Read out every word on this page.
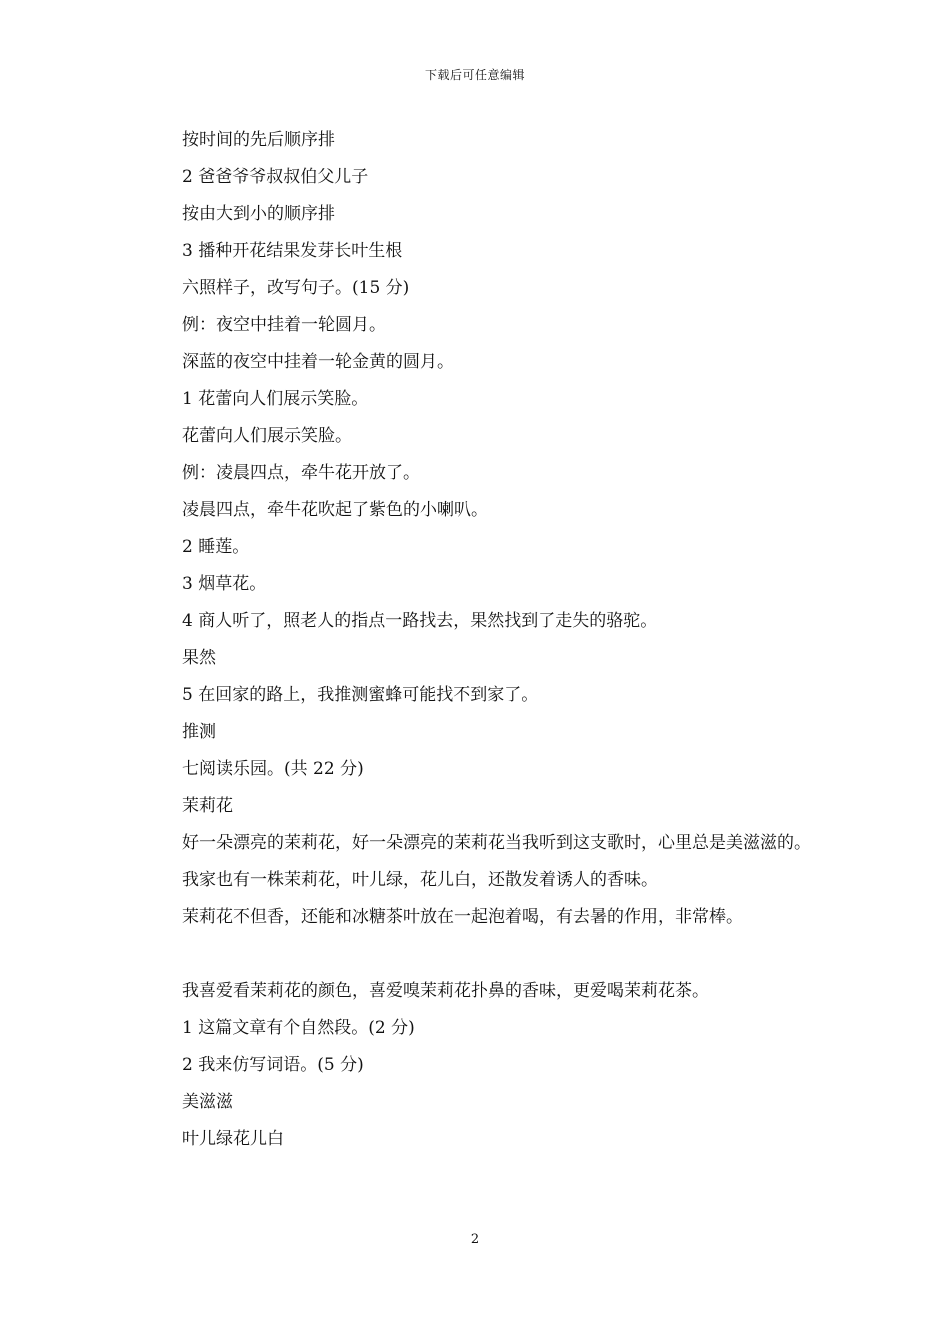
下载后可任意编辑
按时间的先后顺序排
2 爸爸爷爷叔叔伯父儿子
按由大到小的顺序排
3 播种开花结果发芽长叶生根
六照样子，改写句子。(15 分)
例：夜空中挂着一轮圆月。
深蓝的夜空中挂着一轮金黄的圆月。
1 花蕾向人们展示笑脸。
花蕾向人们展示笑脸。
例：凌晨四点，牵牛花开放了。
凌晨四点，牵牛花吹起了紫色的小喇叭。
2 睡莲。
3 烟草花。
4 商人听了，照老人的指点一路找去，果然找到了走失的骆驼。
果然
5 在回家的路上，我推测蜜蜂可能找不到家了。
推测
七阅读乐园。(共 22 分)
茉莉花
好一朵漂亮的茉莉花，好一朵漂亮的茉莉花当我听到这支歌时，心里总是美滋滋的。
我家也有一株茉莉花，叶儿绿，花儿白，还散发着诱人的香味。
茉莉花不但香，还能和冰糖茶叶放在一起泡着喝，有去暑的作用，非常棒。
我喜爱看茉莉花的颜色，喜爱嗅茉莉花扑鼻的香味，更爱喝茉莉花茶。
1 这篇文章有个自然段。(2 分)
2 我来仿写词语。(5 分)
美滋滋
叶儿绿花儿白
2
